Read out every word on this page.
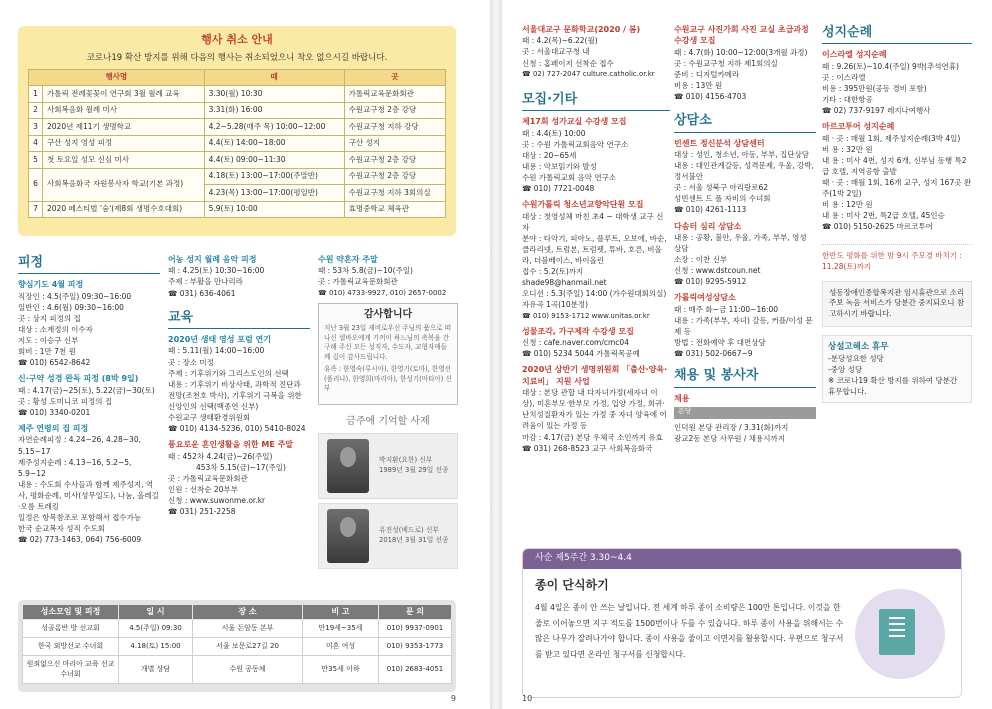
행사 취소 안내
코로나19 확산 방지를 위해 다음의 행사는 취소되었으니 착오 없으시길 바랍니다.
행사명		때	곳
1	가톨릭 전례꽃꽂이 연구회 3월 월례 교육	3.30(월) 10:30	가톨릭교육문화회관
2	사회복음화 월례 미사	3.31(화) 16:00	수원교구청 2층 강당
3	2020년 제11기 생명학교	4.2~5.28(매주 목) 10:00~12:00	수원교구청 지하 강당
4	구산 성지 영성 피정	4.4(토) 14:00~18:00	구산 성지
5	첫 토요일 성모 신심 미사	4.4(토) 09:00~11:30	수원교구청 2층 강당
6	사회복음화국 자원봉사자 학교(기본 과정)	4.18(토) 13:00~17:00(주말반)	수원교구청 2층 강당
		4.23(목) 13:00~17:00(평일반)	수원교구청 지하 3회의실
7	2020 페스티벌 '숨'(제8회 생명수호대회)	5.9(토) 10:00	효명중학교 체육관
피정
향심기도 4월 피정
직장인 : 4.5(주일) 09:30~16:00
일반인 : 4.6(월) 09:30~16:00
곳 : 상지 피정의 집
대상 : 소계정의 이수자
지도 : 이승구 신부
회비 : 1만 7천 원
☎ 010) 6542-8642
신·구약 성경 완독 피정 (8박 9일)
때 : 4.17(금)~25(토), 5.22(금)~30(토)
곳 : 황성 도미니코 피정의 집
☎ 010) 3340-0201
제주 연령의 집 피정
자연순례피정 : 4.24~26, 4.28~30, 5.15~17
제주성지순례 : 4.13~16, 5.2~5, 5.9~12
내용 : 수도회 수사들과 함께 제주성지, 역사, 평화순례, 미사(성무일도), 나눔, 올레길·오름 트레킹
일정은 항목참조로 포함해서 접수가능
한국 순교복자 성직 수도회
☎ 02) 773-1463, 064) 756-6009
어농 성지 월례 음악 피정
때 : 4.25(토) 10:30~16:00
주제 : 부활을 만나리라
☎ 031) 636-4061
교육
2020년 생태 영성 포럼 연기
때 : 5.11(월) 14:00~16:00
곳 : 장소 미정
주제 : 기후위기와 그리스도인의 선택
내용 : 기후위기 비상사태, 과학적 진단과 전망(조천호 박사), 기후위기 극복을 위한 신앙인의 선택(백종연 신부)
수원교구 생태환경위원회
☎ 010) 4134-5236, 010) 5410-8024
풍요로운 혼인생활을 위한 ME 주말
때 : 452차 4.24(금)~26(주일)
453차 5.15(금)~17(주일)
곳 : 가톨릭교육문화회관
인원 : 선착순 20부부
신청 : www.suwonme.or.kr
☎ 031) 251-2258
수원 약혼자 주말
때 : 53차 5.8(금)~10(주일)
곳 : 가톨릭교육문화회관
☎ 010) 4733-9927, 010) 2657-0002
감사합니다
지난 3월 23일 재비로우신 주님의 품으로 떠나신 셀바오에게 기꺼이 하느님의 축복을 간구해 주신 모든 성직자, 수도자, 교형자매들께 깊이 감사드립니다.
유족 : 한영숙(루시아), 한영기(토마), 한영선(폴리나), 한영희(마리아), 한성기(마티아) 신부
금주에 기억할 사제
박지환(요한) 신부
1989년 3월 29일 선종
유진성(베드로) 신부
2018년 3월 31일 선종
성소모임 및 피정	일 시	장 소	비 고	문 의
성골롬반 방 선교회	4.5(주일) 09:30	서울 돈암동 본부	만19세~35세	010) 9937-0901
한국 외방선교 수녀회	4.18(토) 15:00	서울 보문로27길 20	미혼 여성	010) 9353-1773
원죄없으신 마리아 교육 선교 수녀회	개별 상담	수원 공동체	만35세 이하	010) 2683-4051
9
서울대교구 문화학교(2020 / 봄)
때 : 4.2(목)~6.22(월)
곳 : 서울대교구청 내
신청 : 홈페이지 선착순 접수
☎ 02) 727-2047 culture.catholic.or.kr
모집·기타
제17회 성가교실 수강생 모집
때 : 4.4(토) 10:00
곳 : 수원 가톨릭교회음악 연구소
대상 : 20~65세
내용 : 악보읽기와 발성
수원 가톨릭교회 음악 연구소
☎ 010) 7721-0048
수원가톨릭 청소년교향악단원 모집
대상 : 첫영성체 마친 초4 ~ 대학생 교구 신자
분야 : 타악기, 피아노, 플루트, 오보에, 바순, 클라리넷, 트럼본, 트럼펫, 튜바, 호른, 비올라, 더블베이스, 바이올린
접수 : 5.2(토)까지 shade98@hanmail.net
오디션 : 5.3(주일) 14:00 (가수원대회의실) 자유곡 1곡(10분정)
☎ 010) 9153-1712 www.unitas.or.kr
성물조각, 가구제작 수강생 모집
신청 : cafe.naver.com/cmc04
☎ 010) 5234 5044 가톨릭목공예
2020년 상반기 생명위원회 「출산·양육·치료비」 지원 사업
대상 : 본당 관할 내 다자녀가정(세자녀 이상), 미혼부모·한부모 가정, 입양 가정, 희귀·난치성질환자가 있는 가정 중 자녀 양육에 어려움이 있는 가정 등
마감 : 4.17(금) 본당 우체국 소인까지 유효
☎ 031) 268-8523 교구 사회복음화국
수원교구 사진가회 사진 교실 초급과정 수강생 모집
때 : 4.7(화) 10:00~12:00(3개월 과정)
곳 : 수원교구청 지하 제1회의실
준비 : 디지털카메라
비용 : 13만 원
☎ 010) 4156-4703
상담소
빈센트 정신분석 상담센터
대상 : 성인, 청소년, 아동, 부부, 집단상담
내용 : 대인관계갈등, 성격문제, 우울, 강박, 정서불안
곳 : 서울 성북구 아리랑로62
성빈센트 드 폴 자비의 수녀회
☎ 010) 4261-1113
다솜터 심리 상담소
내용 : 공황, 불안, 우울, 가족, 부부, 영성 상담
소장 : 이찬 신부
신청 : www.dstcoun.net
☎ 010) 9295-5912
가톨릭여성상담소
때 : 매주 화~금 11:00~16:00
내용 : 가족(부부, 자녀) 갈등, 커플/이성 문제 등
방법 : 전화예약 후 대면상담
☎ 031) 502-0667~9
채용 및 봉사자
채용
본당
인덕원 본당 관리장 / 3.31(화)까지
광교2동 본당 사무원 / 채용시까지
성지순례
이스라엘 성지순례
때 : 9.26(토)~10.4(주일) 9박(추석연휴)
곳 : 이스라엘
비용 : 395만원(공동 경비 포함)
기타 : 대한항공
☎ 02) 737-9197 레지나여행사
마르코투어 성지순례
때 · 곳 : 매월 1회, 제주성지순례(3박 4일)
비 용 : 32만 원
내 용 : 미사 4번, 성지 6개, 신부님 동행 특2급 호텔, 지역공항 출발
때 · 곳 : 매월 1회, 16개 교구, 성지 167곳 완주(1박 2일)
비 용 : 12만 원
내 용 : 미사 2번, 특2급 호텔, 45인승
☎ 010) 5150-2625 마르코투어
한반도 평화를 위한 밤 9시 주모경 바치기 : 11.28(토)까지
성동장애인종합복지관 임시휴관으로 소리 주보 녹음 서비스가 당분간 중지되오니 참고하시기 바랍니다.
상설고해소 휴무
-분당성요한 성당
-중앙 성당
※ 코로나19 확산 방지를 위하여 당분간 휴무합니다.
사순 제5주간 3.30~4.4
종이 단식하기
4월 4일은 종이 안 쓰는 날입니다. 전 세계 하루 종이 소비량은 100만 톤입니다. 이것을 한 줄로 이어놓으면 지구 적도를 1500번이나 두를 수 있습니다. 하루 종이 사용을 위해서는 수많은 나무가 잘려나가야 합니다. 종이 사용을 줄이고 이면지를 활용합시다. 우편으로 청구서를 받고 있다면 온라인 청구서를 신청합시다.
10
